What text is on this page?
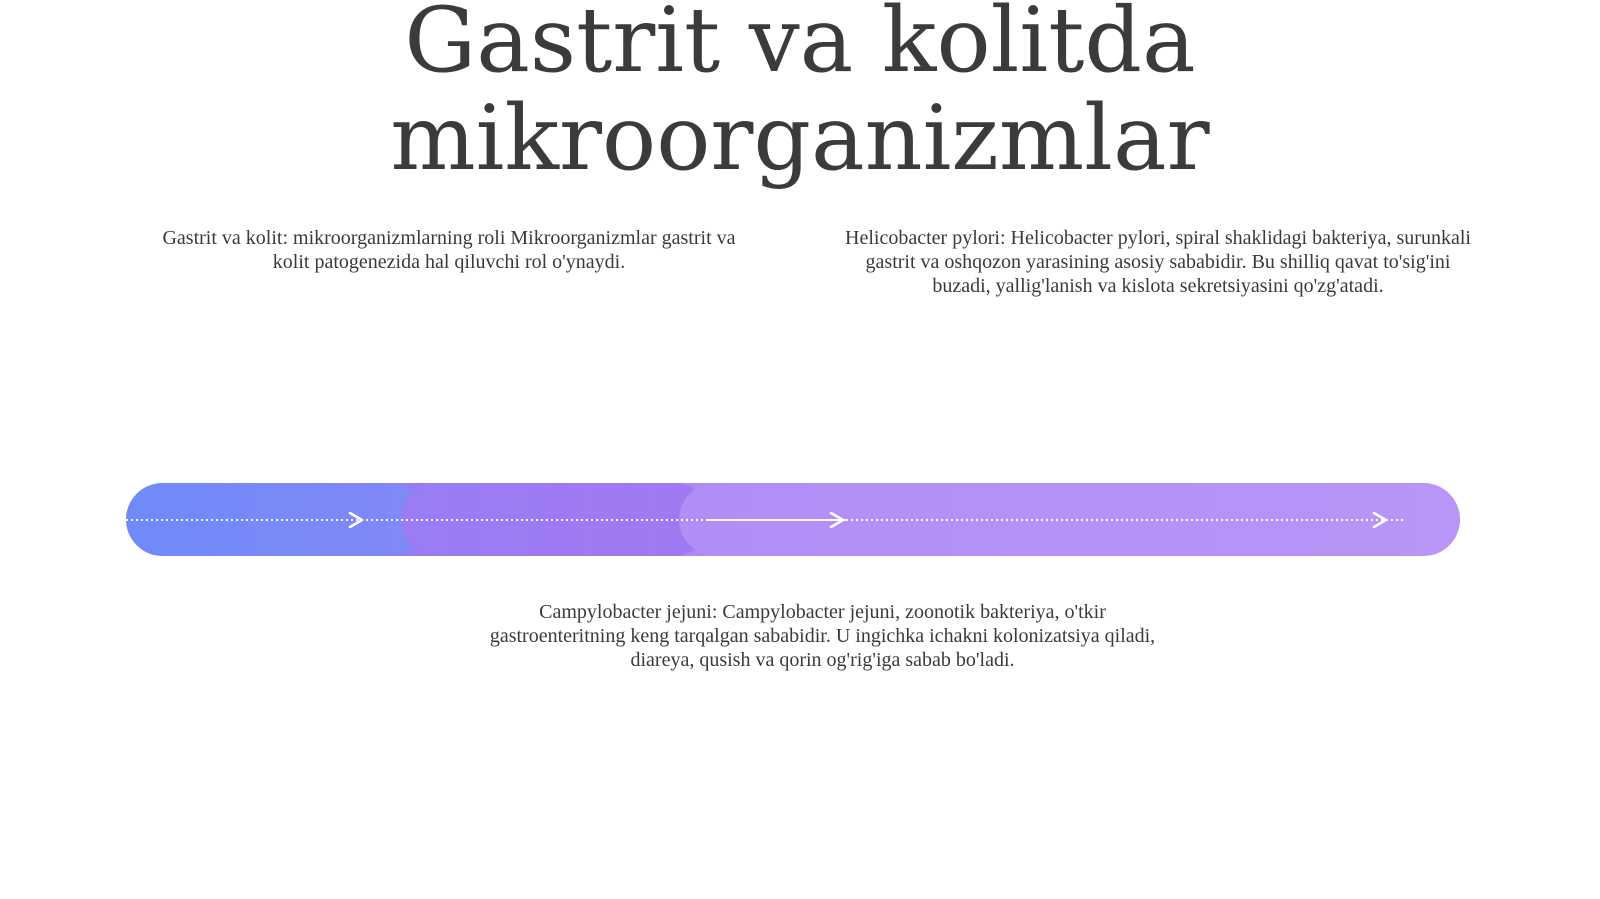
Gastrit va kolitda
mikroorganizmlar

Gastrit va kolit: mikroorganizmlarning roli Mikroorganizmlar gastrit va kolit patogenezida hal qiluvchi rol o'ynaydi.

Helicobacter pylori: Helicobacter pylori, spiral shaklidagi bakteriya, surunkali gastrit va oshqozon yarasining asosiy sababidir. Bu shilliq qavat to'sig'ini buzadi, yallig'lanish va kislota sekretsiyasini qo'zg'atadi.

Campylobacter jejuni: Campylobacter jejuni, zoonotik bakteriya, o'tkir gastroenteritning keng tarqalgan sababidir. U ingichka ichakni kolonizatsiya qiladi, diareya, qusish va qorin og'rig'iga sabab bo'ladi.
